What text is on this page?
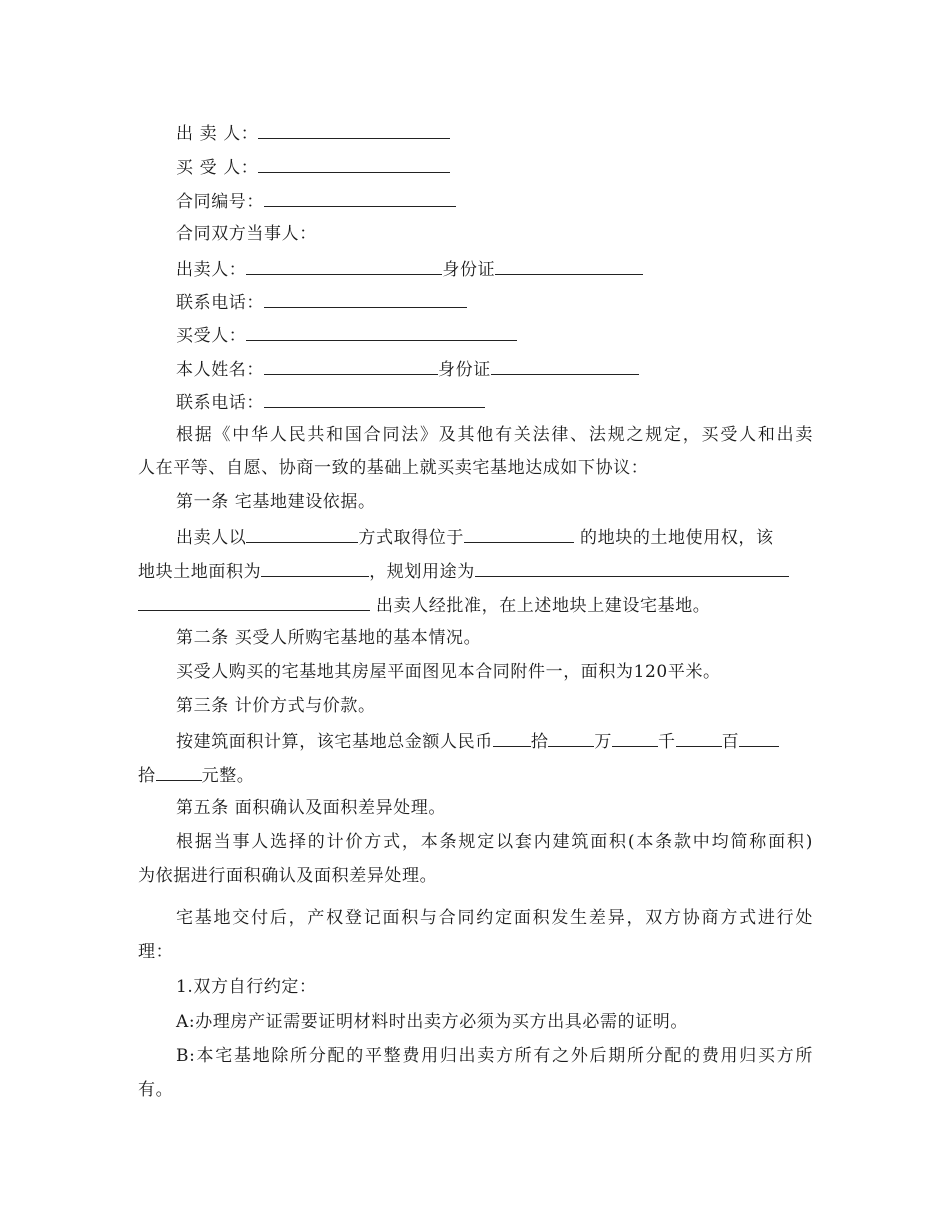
出 卖 人：
买 受 人：
合同编号：
合同双方当事人：
出卖人：	身份证
联系电话：
买受人：
本人姓名：	身份证
联系电话：
根据《中华人民共和国合同法》及其他有关法律、法规之规定，买受人和出卖
人在平等、自愿、协商一致的基础上就买卖宅基地达成如下协议：
第一条 宅基地建设依据。
出卖人以	方式取得位于	的地块的土地使用权，该
地块土地面积为	，规划用途为
出卖人经批准，在上述地块上建设宅基地。
第二条 买受人所购宅基地的基本情况。
买受人购买的宅基地其房屋平面图见本合同附件一，面积为120平米。
第三条 计价方式与价款。
按建筑面积计算，该宅基地总金额人民币 拾	万	千	百
拾	元整。
第五条 面积确认及面积差异处理。
根据当事人选择的计价方式，本条规定以套内建筑面积(本条款中均简称面积)
为依据进行面积确认及面积差异处理。
宅基地交付后，产权登记面积与合同约定面积发生差异，双方协商方式进行处
理：
1.双方自行约定：
A:办理房产证需要证明材料时出卖方必须为买方出具必需的证明。
B:本宅基地除所分配的平整费用归出卖方所有之外后期所分配的费用归买方所
有。
